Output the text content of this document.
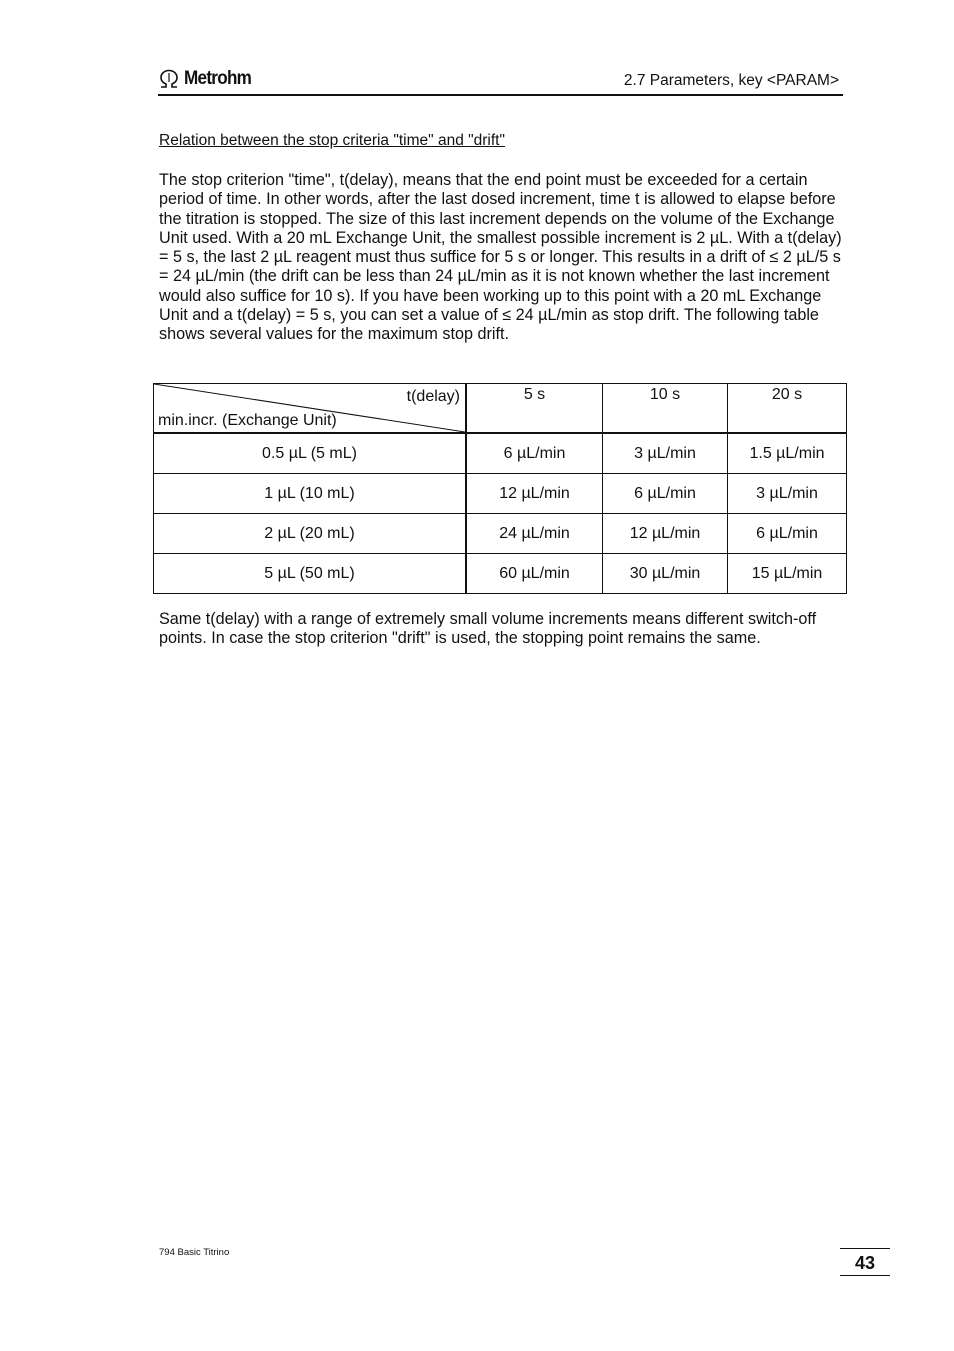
Metrohm	2.7 Parameters, key <PARAM>
Relation between the stop criteria "time" and "drift"

The stop criterion "time", t(delay), means that the end point must be exceeded for a certain period of time. In other words, after the last dosed increment, time t is allowed to elapse before the titration is stopped. The size of this last increment depends on the volume of the Exchange Unit used. With a 20 mL Exchange Unit, the smallest possible increment is 2 µL. With a t(delay) = 5 s, the last 2 µL reagent must thus suffice for 5 s or longer. This results in a drift of ≤ 2 µL/5 s = 24 µL/min (the drift can be less than 24 µL/min as it is not known whether the last increment would also suffice for 10 s). If you have been working up to this point with a 20 mL Exchange Unit and a t(delay) = 5 s, you can set a value of ≤ 24 µL/min as stop drift. The following table shows several values for the maximum stop drift.

t(delay)
min.incr. (Exchange Unit)	5 s	10 s	20 s
0.5 µL (5 mL)	6 µL/min	3 µL/min	1.5 µL/min
1 µL (10 mL)	12 µL/min	6 µL/min	3 µL/min
2 µL (20 mL)	24 µL/min	12 µL/min	6 µL/min
5 µL (50 mL)	60 µL/min	30 µL/min	15 µL/min

Same t(delay) with a range of extremely small volume increments means different switch-off points. In case the stop criterion "drift" is used, the stopping point remains the same.

794 Basic Titrino
43
